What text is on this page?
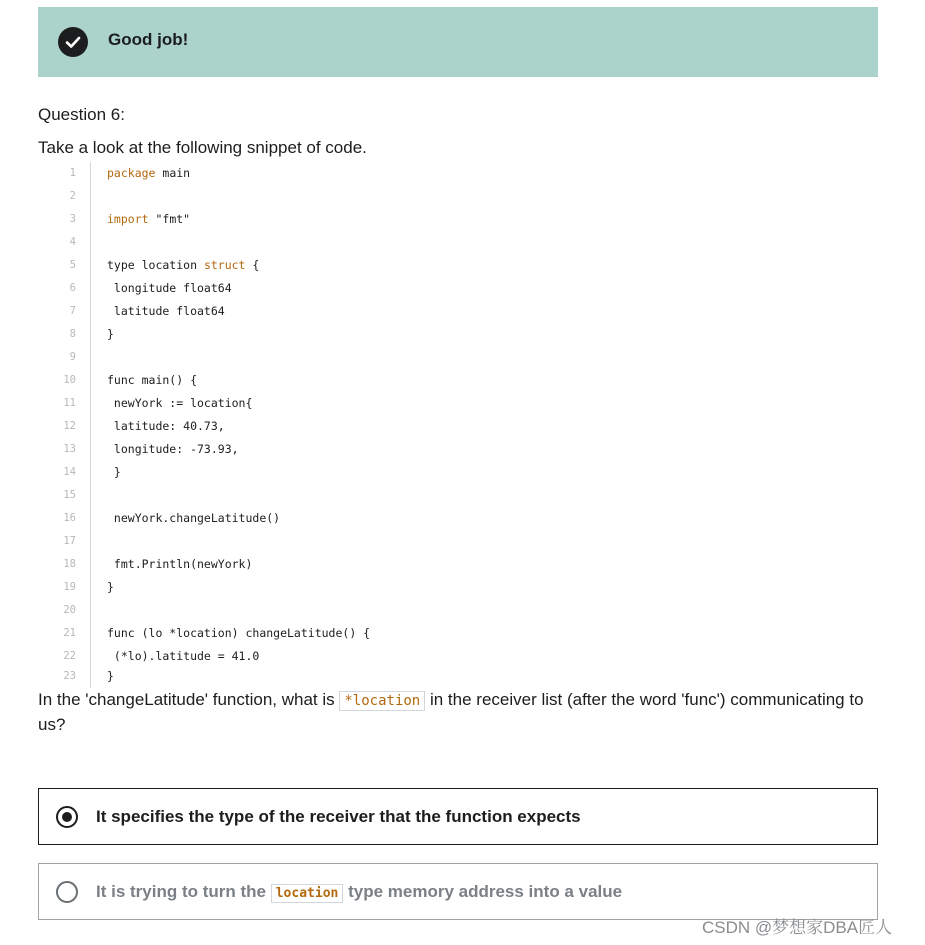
Good job!
Question 6:
Take a look at the following snippet of code.
1	package main
2
3	import "fmt"
4
5	type location struct {
6	longitude float64
7	latitude float64
8	}
9
10	func main() {
11	newYork := location{
12	latitude: 40.73,
13	longitude: -73.93,
14	}
15
16	newYork.changeLatitude()
17
18	fmt.Println(newYork)
19	}
20
21	func (lo *location) changeLatitude() {
22	(*lo).latitude = 41.0
23	}
In the 'changeLatitude' function, what is *location in the receiver list (after the word 'func') communicating to us?
It specifies the type of the receiver that the function expects
It is trying to turn the location type memory address into a value
CSDN @梦想家DBA匠人
